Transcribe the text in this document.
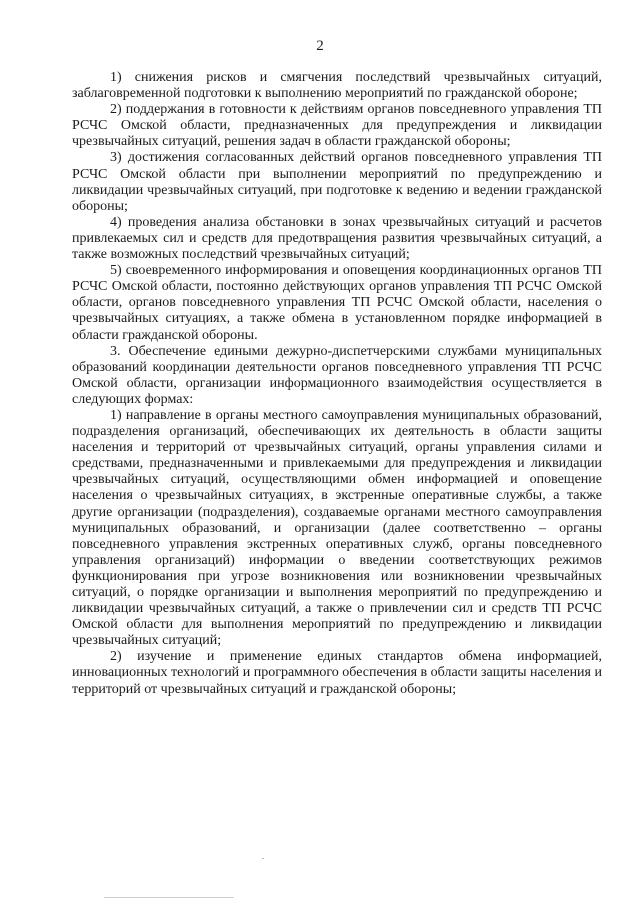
2

1) снижения рисков и смягчения последствий чрезвычайных ситуаций, заблаговременной подготовки к выполнению мероприятий по гражданской обороне;

2) поддержания в готовности к действиям органов повседневного управления ТП РСЧС Омской области, предназначенных для предупреждения и ликвидации чрезвычайных ситуаций, решения задач в области гражданской обороны;

3) достижения согласованных действий органов повседневного управления ТП РСЧС Омской области при выполнении мероприятий по предупреждению и ликвидации чрезвычайных ситуаций, при подготовке к ведению и ведении гражданской обороны;

4) проведения анализа обстановки в зонах чрезвычайных ситуаций и расчетов привлекаемых сил и средств для предотвращения развития чрезвычайных ситуаций, а также возможных последствий чрезвычайных ситуаций;

5) своевременного информирования и оповещения координационных органов ТП РСЧС Омской области, постоянно действующих органов управления ТП РСЧС Омской области, органов повседневного управления ТП РСЧС Омской области, населения о чрезвычайных ситуациях, а также обмена в установленном порядке информацией в области гражданской обороны.

3. Обеспечение едиными дежурно-диспетчерскими службами муниципальных образований координации деятельности органов повседневного управления ТП РСЧС Омской области, организации информационного взаимодействия осуществляется в следующих формах:

1) направление в органы местного самоуправления муниципальных образований, подразделения организаций, обеспечивающих их деятельность в области защиты населения и территорий от чрезвычайных ситуаций, органы управления силами и средствами, предназначенными и привлекаемыми для предупреждения и ликвидации чрезвычайных ситуаций, осуществляющими обмен информацией и оповещение населения о чрезвычайных ситуациях, в экстренные оперативные службы, а также другие организации (подразделения), создаваемые органами местного самоуправления муниципальных образований, и организации (далее соответственно – органы повседневного управления экстренных оперативных служб, органы повседневного управления организаций) информации о введении соответствующих режимов функционирования при угрозе возникновения или возникновении чрезвычайных ситуаций, о порядке организации и выполнения мероприятий по предупреждению и ликвидации чрезвычайных ситуаций, а также о привлечении сил и средств ТП РСЧС Омской области для выполнения мероприятий по предупреждению и ликвидации чрезвычайных ситуаций;

2) изучение и применение единых стандартов обмена информацией, инновационных технологий и программного обеспечения в области защиты населения и территорий от чрезвычайных ситуаций и гражданской обороны;
